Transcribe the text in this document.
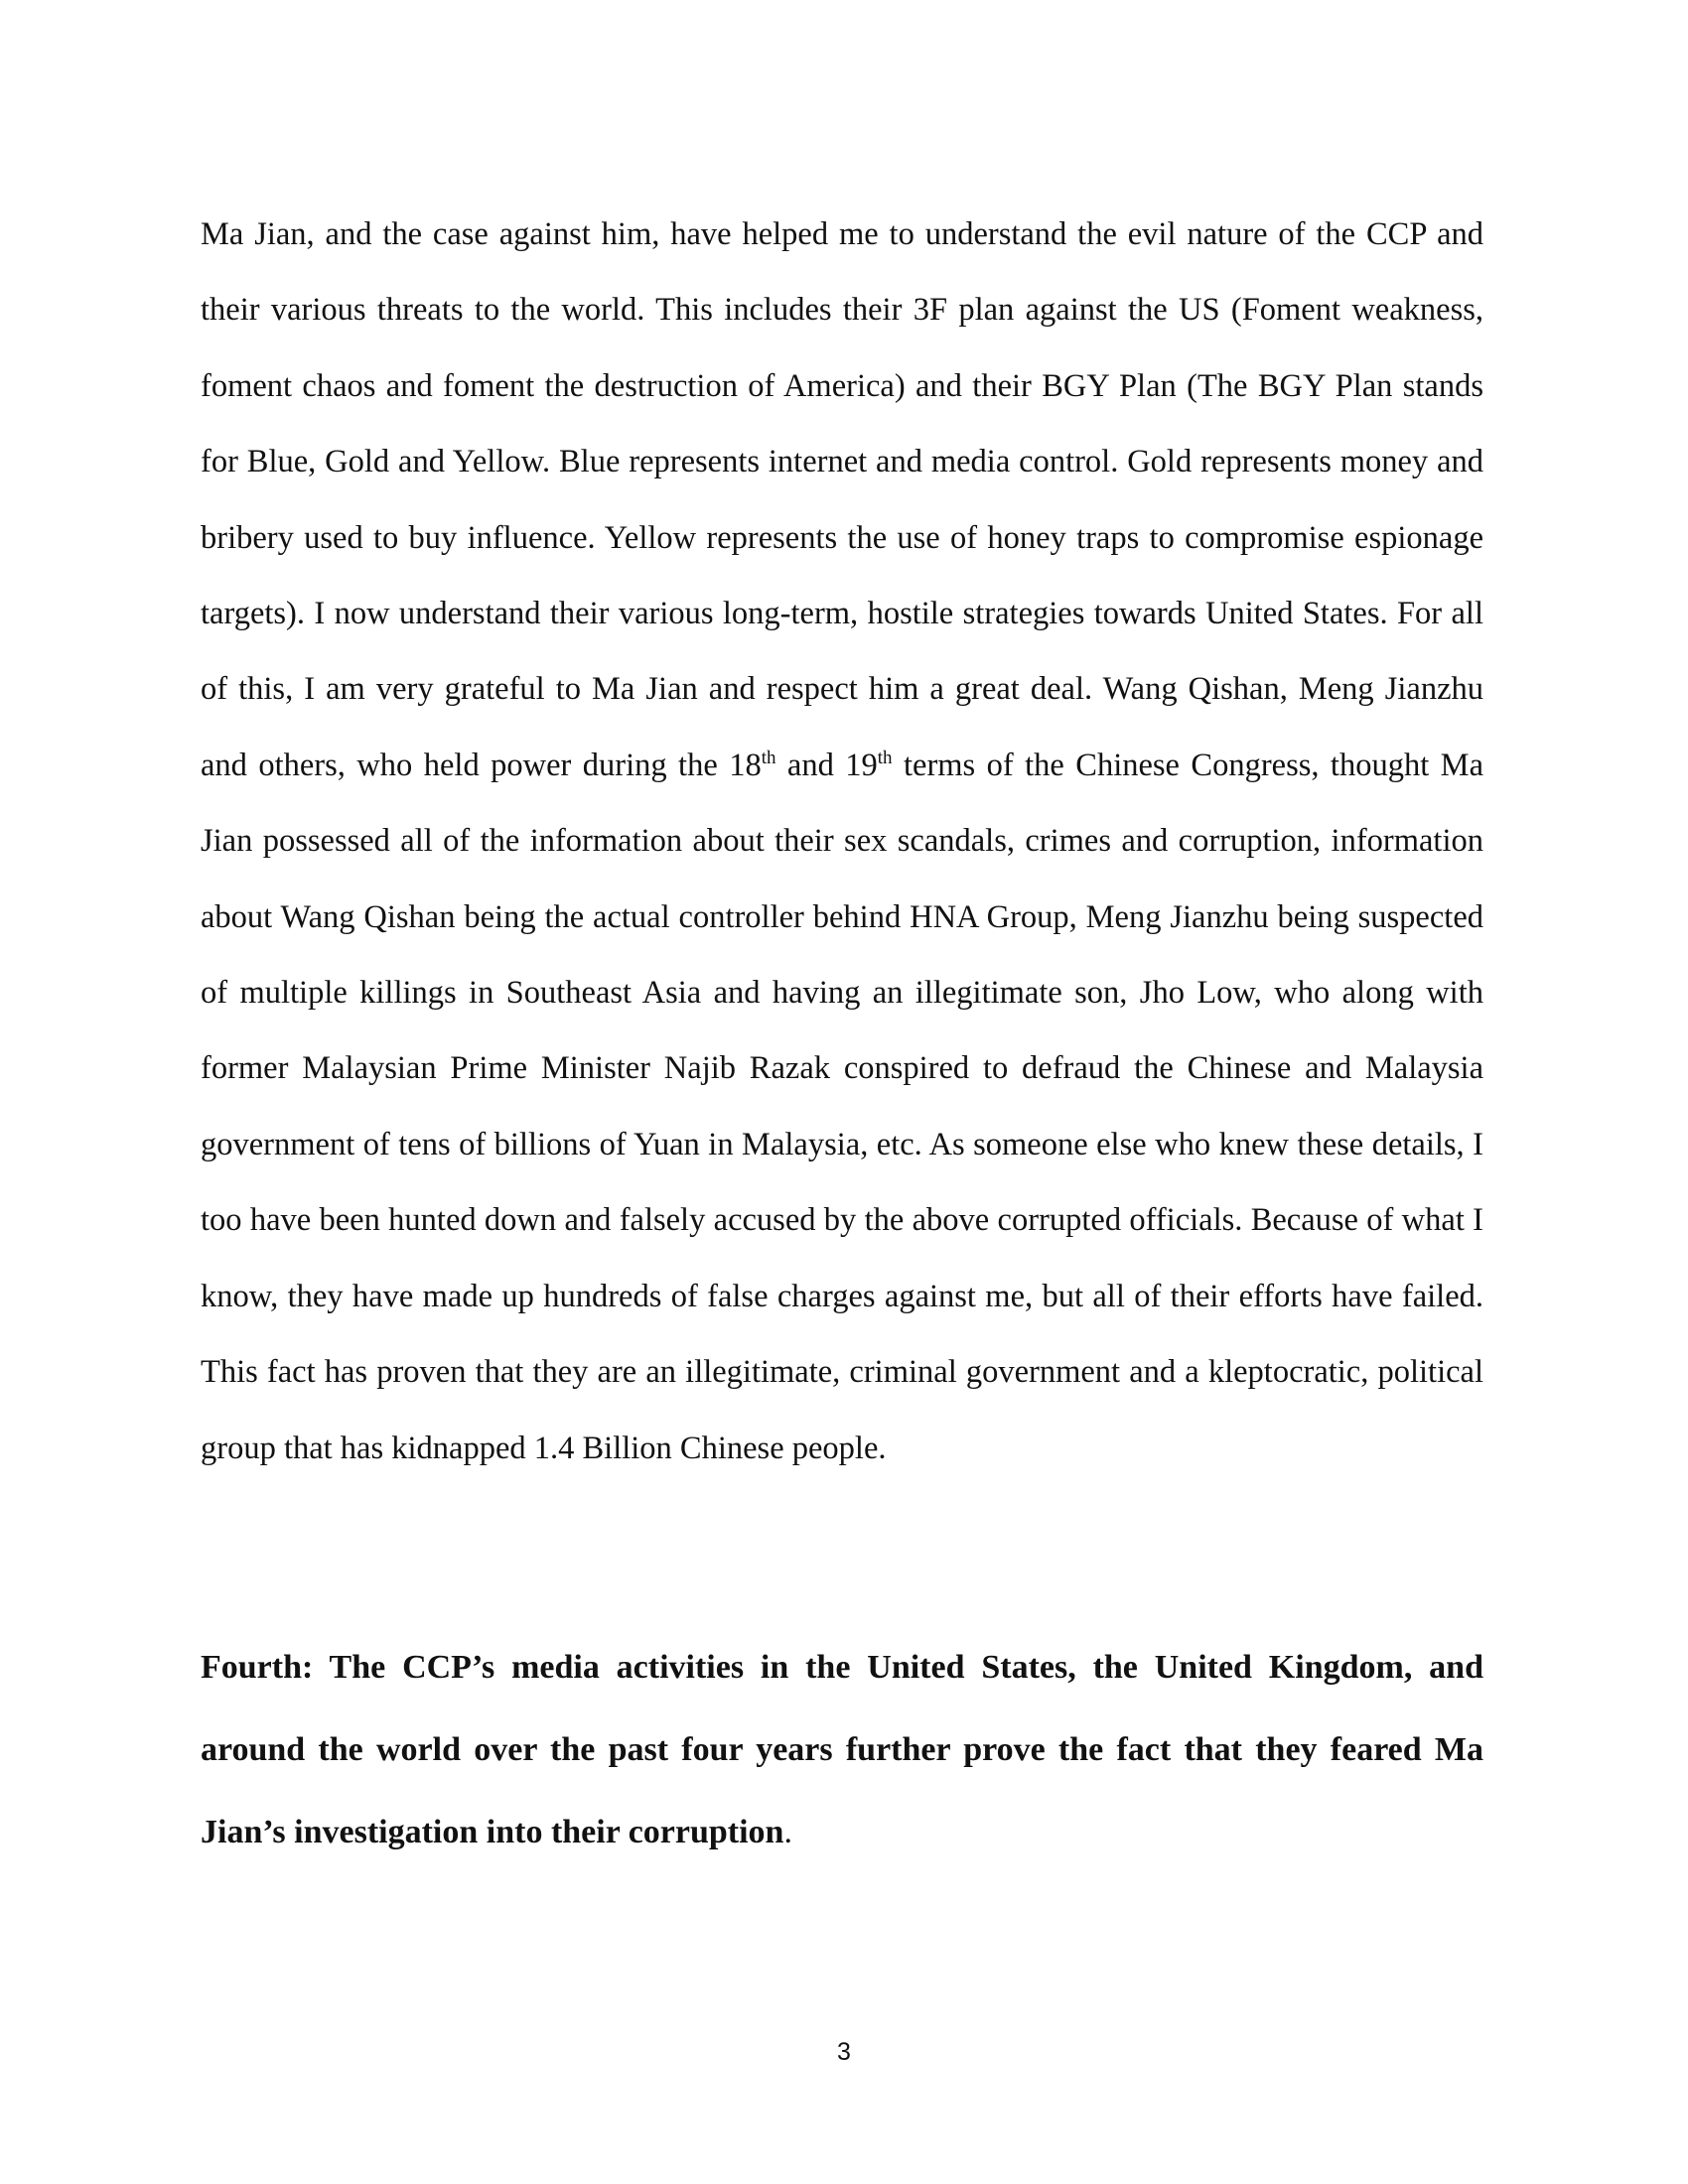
Ma Jian, and the case against him, have helped me to understand the evil nature of the CCP and their various threats to the world. This includes their 3F plan against the US (Foment weakness, foment chaos and foment the destruction of America) and their BGY Plan (The BGY Plan stands for Blue, Gold and Yellow. Blue represents internet and media control. Gold represents money and bribery used to buy influence. Yellow represents the use of honey traps to compromise espionage targets). I now understand their various long-term, hostile strategies towards United States. For all of this, I am very grateful to Ma Jian and respect him a great deal. Wang Qishan, Meng Jianzhu and others, who held power during the 18th and 19th terms of the Chinese Congress, thought Ma Jian possessed all of the information about their sex scandals, crimes and corruption, information about Wang Qishan being the actual controller behind HNA Group, Meng Jianzhu being suspected of multiple killings in Southeast Asia and having an illegitimate son, Jho Low, who along with former Malaysian Prime Minister Najib Razak conspired to defraud the Chinese and Malaysia government of tens of billions of Yuan in Malaysia, etc. As someone else who knew these details, I too have been hunted down and falsely accused by the above corrupted officials. Because of what I know, they have made up hundreds of false charges against me, but all of their efforts have failed. This fact has proven that they are an illegitimate, criminal government and a kleptocratic, political group that has kidnapped 1.4 Billion Chinese people.

Fourth: The CCP’s media activities in the United States, the United Kingdom, and around the world over the past four years further prove the fact that they feared Ma Jian’s investigation into their corruption.

3
